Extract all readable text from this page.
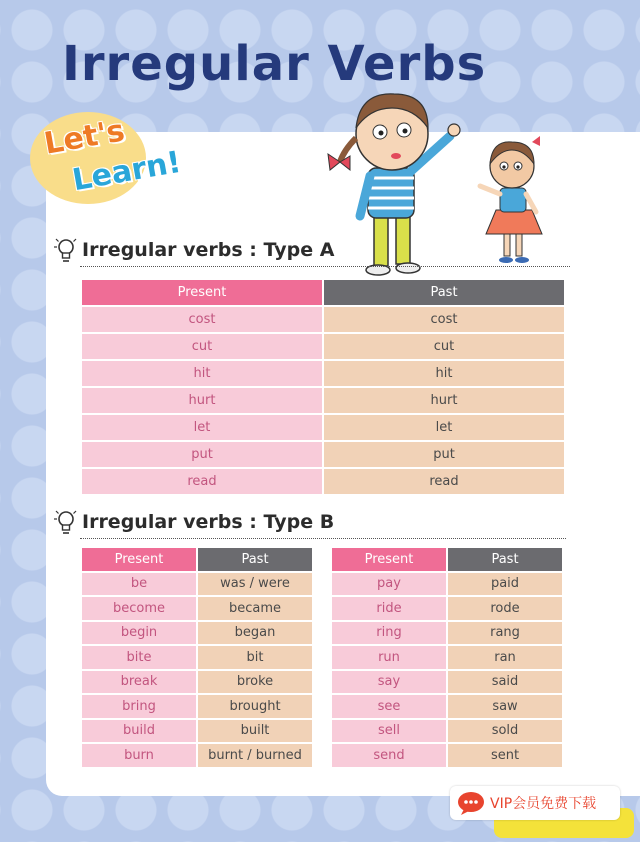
Irregular Verbs
Let's
Learn!
Irregular verbs : Type A
Present	Past
cost	cost
cut	cut
hit	hit
hurt	hurt
let	let
put	put
read	read
Irregular verbs : Type B
Present	Past
be	was / were
become	became
begin	began
bite	bit
break	broke
bring	brought
build	built
burn	burnt / burned
Present	Past
pay	paid
ride	rode
ring	rang
run	ran
say	said
see	saw
sell	sold
send	sent
VIP会员免费下载
